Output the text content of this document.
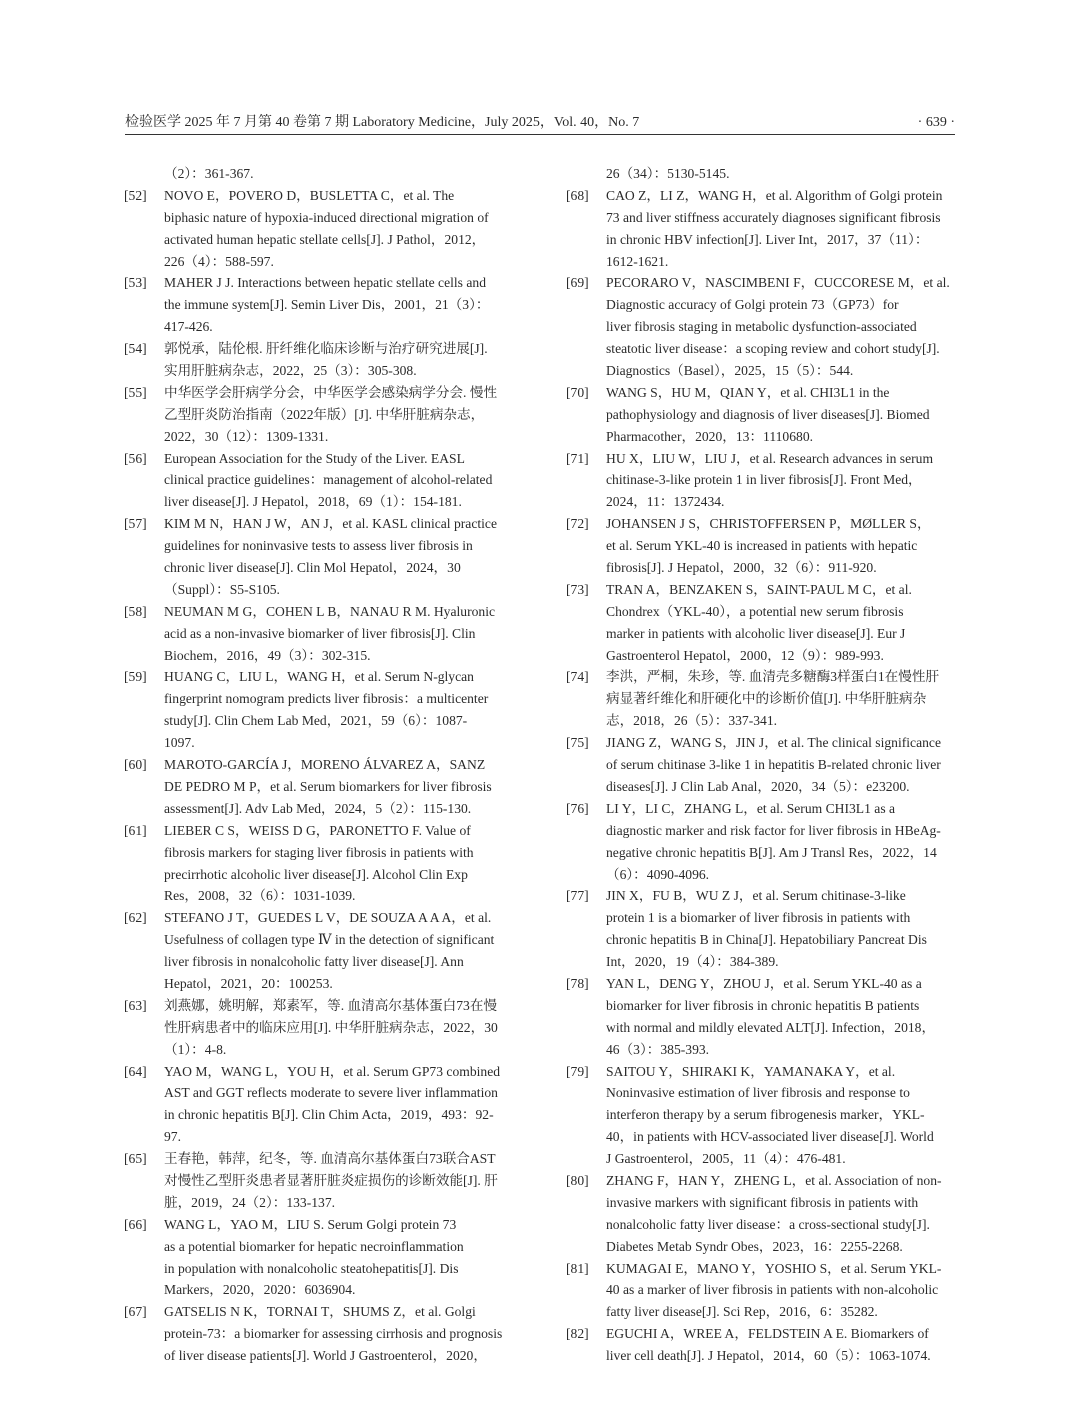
检验医学 2025 年 7 月第 40 卷第 7 期 Laboratory Medicine，July 2025，Vol. 40，No. 7	· 639 ·
（2）：361-367.
[52]	NOVO E，POVERO D，BUSLETTA C，et al. The
biphasic nature of hypoxia-induced directional migration of
activated human hepatic stellate cells[J]. J Pathol，2012，
226（4）：588-597.
[53]	MAHER J J. Interactions between hepatic stellate cells and
the immune system[J]. Semin Liver Dis，2001，21（3）：
417-426.
[54]	郭悦承，陆伦根. 肝纤维化临床诊断与治疗研究进展[J].
实用肝脏病杂志，2022，25（3）：305-308.
[55]	中华医学会肝病学分会，中华医学会感染病学分会. 慢性
乙型肝炎防治指南（2022年版）[J]. 中华肝脏病杂志，
2022，30（12）：1309-1331.
[56]	European Association for the Study of the Liver. EASL
clinical practice guidelines：management of alcohol-related
liver disease[J]. J Hepatol，2018，69（1）：154-181.
[57]	KIM M N，HAN J W，AN J，et al. KASL clinical practice
guidelines for noninvasive tests to assess liver fibrosis in
chronic liver disease[J]. Clin Mol Hepatol，2024，30
（Suppl）：S5-S105.
[58]	NEUMAN M G，COHEN L B，NANAU R M. Hyaluronic
acid as a non-invasive biomarker of liver fibrosis[J]. Clin
Biochem，2016，49（3）：302-315.
[59]	HUANG C，LIU L，WANG H，et al. Serum N-glycan
fingerprint nomogram predicts liver fibrosis：a multicenter
study[J]. Clin Chem Lab Med，2021，59（6）：1087-
1097.
[60]	MAROTO-GARCÍA J，MORENO ÁLVAREZ A，SANZ
DE PEDRO M P，et al. Serum biomarkers for liver fibrosis
assessment[J]. Adv Lab Med，2024，5（2）：115-130.
[61]	LIEBER C S，WEISS D G，PARONETTO F. Value of
fibrosis markers for staging liver fibrosis in patients with
precirrhotic alcoholic liver disease[J]. Alcohol Clin Exp
Res，2008，32（6）：1031-1039.
[62]	STEFANO J T，GUEDES L V，DE SOUZA A A A，et al.
Usefulness of collagen type Ⅳ in the detection of significant
liver fibrosis in nonalcoholic fatty liver disease[J]. Ann
Hepatol，2021，20：100253.
[63]	刘燕娜，姚明解，郑素军，等. 血清高尔基体蛋白73在慢
性肝病患者中的临床应用[J]. 中华肝脏病杂志，2022，30
（1）：4-8.
[64]	YAO M，WANG L，YOU H，et al. Serum GP73 combined
AST and GGT reflects moderate to severe liver inflammation
in chronic hepatitis B[J]. Clin Chim Acta，2019，493：92-
97.
[65]	王春艳，韩萍，纪冬，等. 血清高尔基体蛋白73联合AST
对慢性乙型肝炎患者显著肝脏炎症损伤的诊断效能[J]. 肝
脏，2019，24（2）：133-137.
[66]	WANG L，YAO M，LIU S. Serum Golgi protein 73
as a potential biomarker for hepatic necroinflammation
in population with nonalcoholic steatohepatitis[J]. Dis
Markers，2020，2020：6036904.
[67]	GATSELIS N K，TORNAI T，SHUMS Z，et al. Golgi
protein-73：a biomarker for assessing cirrhosis and prognosis
of liver disease patients[J]. World J Gastroenterol，2020，
26（34）：5130-5145.
[68]	CAO Z，LI Z，WANG H，et al. Algorithm of Golgi protein
73 and liver stiffness accurately diagnoses significant fibrosis
in chronic HBV infection[J]. Liver Int，2017，37（11）：
1612-1621.
[69]	PECORARO V，NASCIMBENI F，CUCCORESE M，et al.
Diagnostic accuracy of Golgi protein 73（GP73）for
liver fibrosis staging in metabolic dysfunction-associated
steatotic liver disease：a scoping review and cohort study[J].
Diagnostics（Basel），2025，15（5）：544.
[70]	WANG S，HU M，QIAN Y，et al. CHI3L1 in the
pathophysiology and diagnosis of liver diseases[J]. Biomed
Pharmacother，2020，13：1110680.
[71]	HU X，LIU W，LIU J，et al. Research advances in serum
chitinase-3-like protein 1 in liver fibrosis[J]. Front Med，
2024，11：1372434.
[72]	JOHANSEN J S，CHRISTOFFERSEN P，MØLLER S，
et al. Serum YKL-40 is increased in patients with hepatic
fibrosis[J]. J Hepatol，2000，32（6）：911-920.
[73]	TRAN A，BENZAKEN S，SAINT-PAUL M C，et al.
Chondrex（YKL-40），a potential new serum fibrosis
marker in patients with alcoholic liver disease[J]. Eur J
Gastroenterol Hepatol，2000，12（9）：989-993.
[74]	李洪，严桐，朱珍，等. 血清壳多糖酶3样蛋白1在慢性肝
病显著纤维化和肝硬化中的诊断价值[J]. 中华肝脏病杂
志，2018，26（5）：337-341.
[75]	JIANG Z，WANG S，JIN J，et al. The clinical significance
of serum chitinase 3-like 1 in hepatitis B-related chronic liver
diseases[J]. J Clin Lab Anal，2020，34（5）：e23200.
[76]	LI Y，LI C，ZHANG L，et al. Serum CHI3L1 as a
diagnostic marker and risk factor for liver fibrosis in HBeAg-
negative chronic hepatitis B[J]. Am J Transl Res，2022，14
（6）：4090-4096.
[77]	JIN X，FU B，WU Z J，et al. Serum chitinase-3-like
protein 1 is a biomarker of liver fibrosis in patients with
chronic hepatitis B in China[J]. Hepatobiliary Pancreat Dis
Int，2020，19（4）：384-389.
[78]	YAN L，DENG Y，ZHOU J，et al. Serum YKL-40 as a
biomarker for liver fibrosis in chronic hepatitis B patients
with normal and mildly elevated ALT[J]. Infection，2018，
46（3）：385-393.
[79]	SAITOU Y，SHIRAKI K，YAMANAKA Y，et al.
Noninvasive estimation of liver fibrosis and response to
interferon therapy by a serum fibrogenesis marker，YKL-
40，in patients with HCV-associated liver disease[J]. World
J Gastroenterol，2005，11（4）：476-481.
[80]	ZHANG F，HAN Y，ZHENG L，et al. Association of non-
invasive markers with significant fibrosis in patients with
nonalcoholic fatty liver disease：a cross-sectional study[J].
Diabetes Metab Syndr Obes，2023，16：2255-2268.
[81]	KUMAGAI E，MANO Y，YOSHIO S，et al. Serum YKL-
40 as a marker of liver fibrosis in patients with non-alcoholic
fatty liver disease[J]. Sci Rep，2016，6：35282.
[82]	EGUCHI A，WREE A，FELDSTEIN A E. Biomarkers of
liver cell death[J]. J Hepatol，2014，60（5）：1063-1074.
